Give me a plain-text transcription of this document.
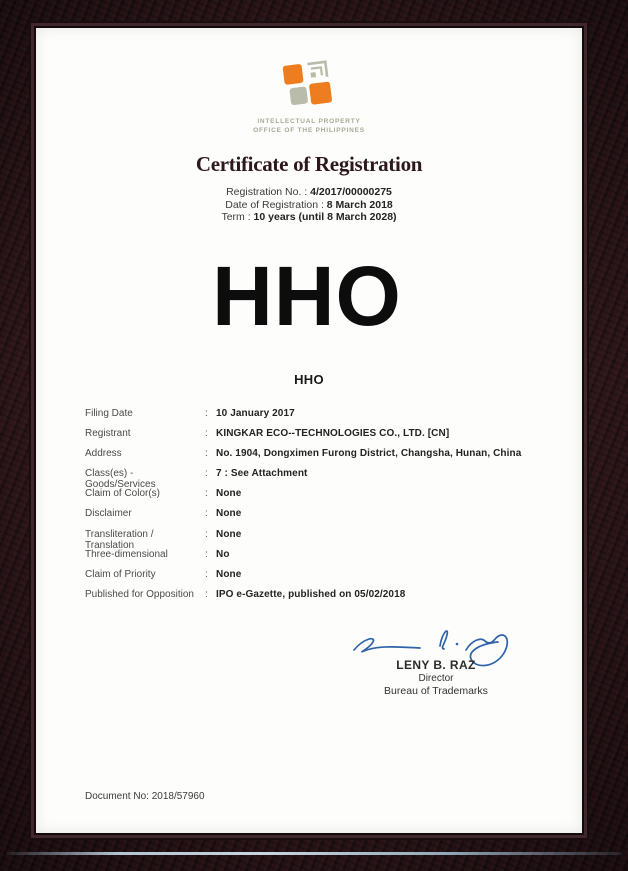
INTELLECTUAL PROPERTY
OFFICE OF THE PHILIPPINES
Certificate of Registration
Registration No. : 4/2017/00000275
Date of Registration : 8 March 2018
Term : 10 years (until 8 March 2028)
HHO
HHO
Filing Date	: 10 January 2017
Registrant	: KINGKAR ECO--TECHNOLOGIES CO., LTD. [CN]
Address	: No. 1904, Dongximen Furong District, Changsha, Hunan, China
Class(es) - Goods/Services
: 7 : See Attachment
Claim of Color(s)	: None
Disclaimer	: None
Transliteration / Translation
: None
Three-dimensional	: No
Claim of Priority	: None
Published for Opposition	: IPO e-Gazette, published on 05/02/2018
LENY B. RAZ
Director
Bureau of Trademarks
Document No: 2018/57960
